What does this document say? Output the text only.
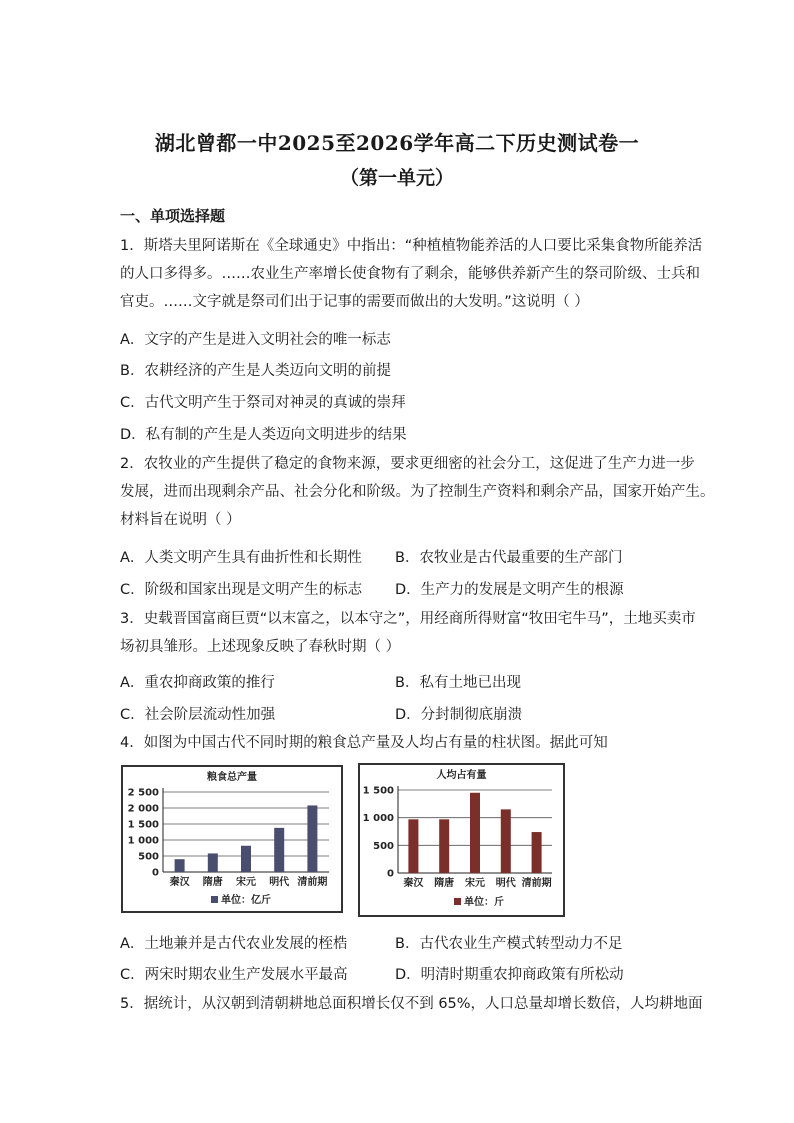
湖北曾都一中2025至2026学年高二下历史测试卷一
（第一单元）
一、单项选择题
1．斯塔夫里阿诺斯在《全球通史》中指出：“种植植物能养活的人口要比采集食物所能养活
的人口多得多。……农业生产率增长使食物有了剩余，能够供养新产生的祭司阶级、士兵和
官吏。……文字就是祭司们出于记事的需要而做出的大发明。”这说明（ ）
A．文字的产生是进入文明社会的唯一标志
B．农耕经济的产生是人类迈向文明的前提
C．古代文明产生于祭司对神灵的真诚的崇拜
D．私有制的产生是人类迈向文明进步的结果
2．农牧业的产生提供了稳定的食物来源，要求更细密的社会分工，这促进了生产力进一步
发展，进而出现剩余产品、社会分化和阶级。为了控制生产资料和剩余产品，国家开始产生。
材料旨在说明（ ）
A．人类文明产生具有曲折性和长期性 B．农牧业是古代最重要的生产部门
C．阶级和国家出现是文明产生的标志 D．生产力的发展是文明产生的根源
3．史载晋国富商巨贾“以末富之，以本守之”，用经商所得财富“牧田宅牛马”，土地买卖市
场初具雏形。上述现象反映了春秋时期（ ）
A．重农抑商政策的推行	B．私有土地已出现
C．社会阶层流动性加强	D．分封制彻底崩溃
4．如图为中国古代不同时期的粮食总产量及人均占有量的柱状图。据此可知
粮食总产量
2 500
2 000
1 500
1 000
500
0
秦汉 隋唐 宋元 明代 清前期
单位：亿斤
人均占有量
1 500
1 000
500
0
秦汉 隋唐 宋元 明代 清前期
单位：斤
A．土地兼并是古代农业发展的桎梏	B．古代农业生产模式转型动力不足
C．两宋时期农业生产发展水平最高	D．明清时期重农抑商政策有所松动
5．据统计，从汉朝到清朝耕地总面积增长仅不到 65%，人口总量却增长数倍，人均耕地面
